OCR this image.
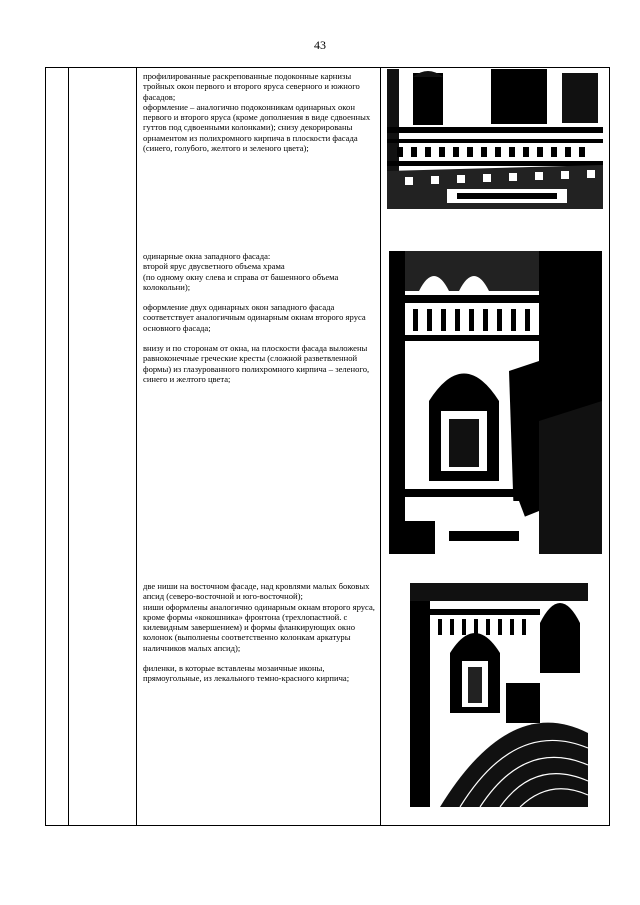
43

профилированные раскрепованные подоконные карнизы тройных окон первого и второго яруса северного и южного фасадов;

оформление – аналогично подоконникам одинарных окон первого и второго яруса (кроме дополнения в виде сдвоенных гуттов под сдвоенными колонками); снизу декорированы орнаментом из полихромного кирпича в плоскости фасада (синего, голубого, желтого и зеленого цвета);

одинарные окна западного фасада:

второй ярус двусветного объема храма

(по одному окну слева и справа от башенного объема колокольни);

оформление двух одинарных окон западного фасада соответствует аналогичным одинарным окнам второго яруса основного фасада;

внизу и по сторонам от окна, на плоскости фасада выложены равноконечные греческие кресты (сложной разветвленной формы) из глазурованного полихромного кирпича – зеленого, синего и желтого цвета;

две ниши на восточном фасаде, над кровлями малых боковых апсид (северо-восточной и юго-восточной);

ниши оформлены аналогично одинарным окнам второго яруса, кроме формы «кокошника» фронтона (трехлопастной. с килевидным завершением) и формы фланкирующих окно колонок (выполнены соответственно колонкам аркатуры наличников малых апсид);

филенки, в которые вставлены мозаичные иконы, прямоугольные, из лекального темно-красного кирпича;
